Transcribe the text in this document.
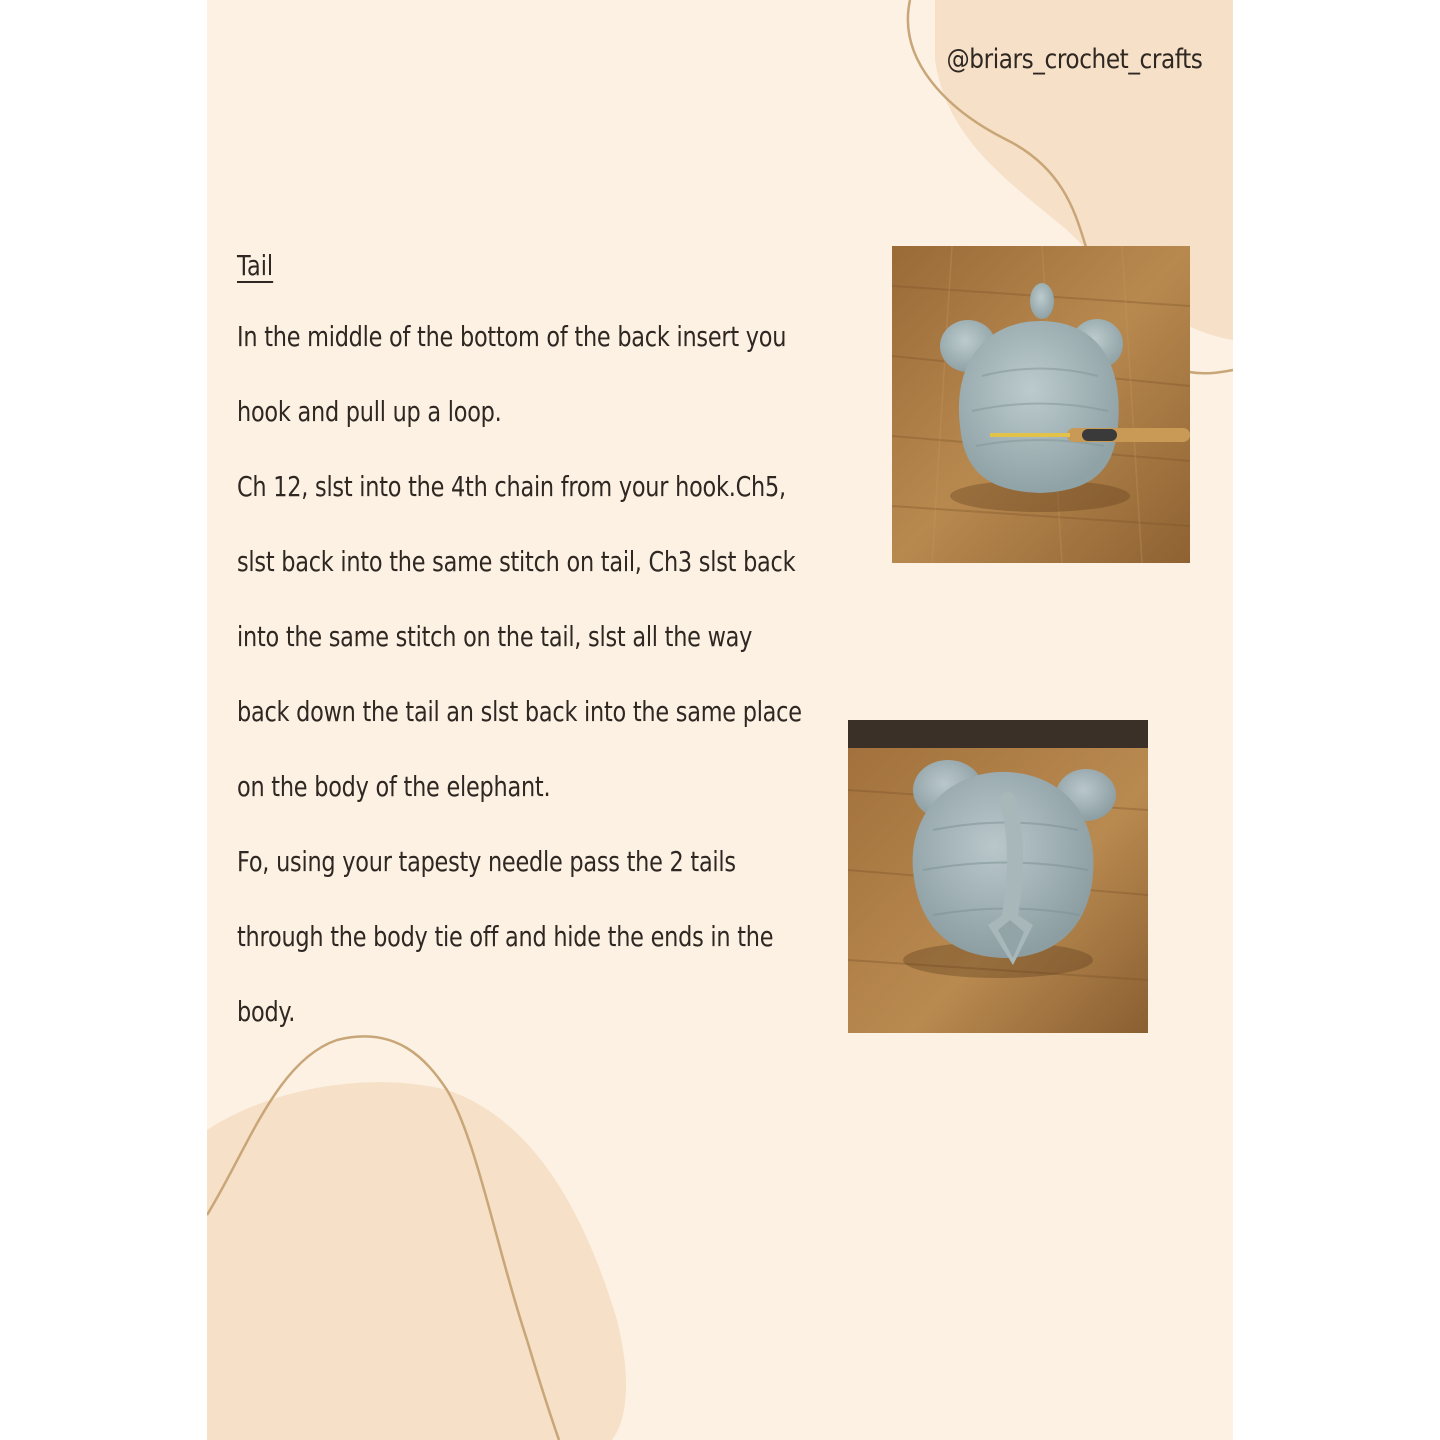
@briars_crochet_crafts
Tail
In the middle of the bottom of the back insert you
hook and pull up a loop.
Ch 12, slst into the 4th chain from your hook.Ch5,
slst back into the same stitch on tail, Ch3 slst back
into the same stitch on the tail, slst all the way
back down the tail an slst back into the same place
on the body of the elephant.
Fo, using your tapesty needle pass the 2 tails
through the body tie off and hide the ends in the
body.
